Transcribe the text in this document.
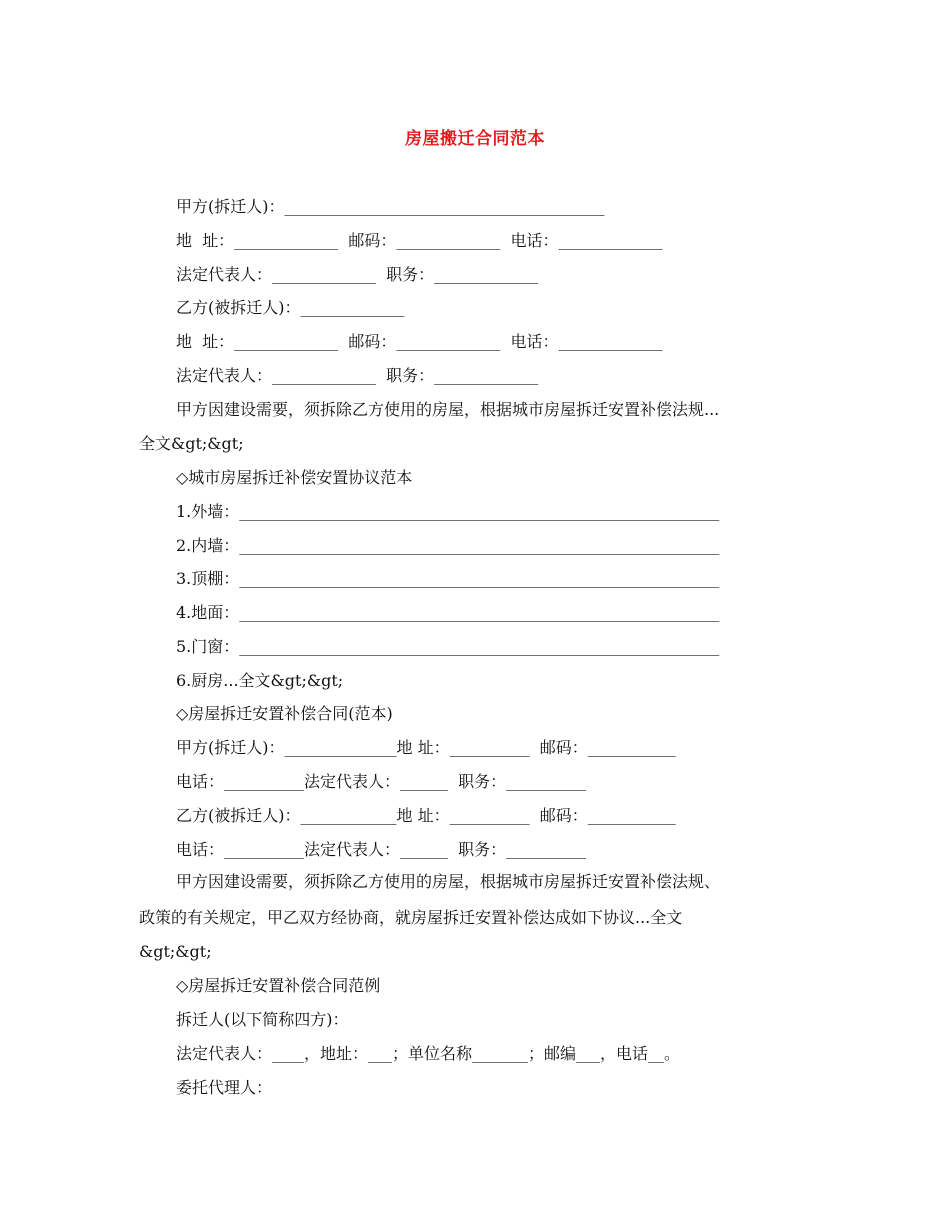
房屋搬迁合同范本
甲方(拆迁人)：________________________________________
地  址：_____________  邮码：_____________  电话：_____________
法定代表人：_____________  职务：_____________
乙方(被拆迁人)：_____________
地  址：_____________  邮码：_____________  电话：_____________
法定代表人：_____________  职务：_____________
甲方因建设需要，须拆除乙方使用的房屋，根据城市房屋拆迁安置补偿法规...
全文&gt;&gt;
◇城市房屋拆迁补偿安置协议范本
1.外墙：____________________________________________________________
2.内墙：____________________________________________________________
3.顶棚：____________________________________________________________
4.地面：____________________________________________________________
5.门窗：____________________________________________________________
6.厨房...全文&gt;&gt;
◇房屋拆迁安置补偿合同(范本)
甲方(拆迁人)：______________地 址：__________  邮码：___________
电话：__________法定代表人：______  职务：__________
乙方(被拆迁人)：____________地 址：__________  邮码：___________
电话：__________法定代表人：______  职务：__________
甲方因建设需要，须拆除乙方使用的房屋，根据城市房屋拆迁安置补偿法规、
政策的有关规定，甲乙双方经协商，就房屋拆迁安置补偿达成如下协议...全文
&gt;&gt;
◇房屋拆迁安置补偿合同范例
拆迁人(以下简称四方)：
法定代表人：____，地址：___；单位名称_______；邮编___，电话__。
委托代理人：
